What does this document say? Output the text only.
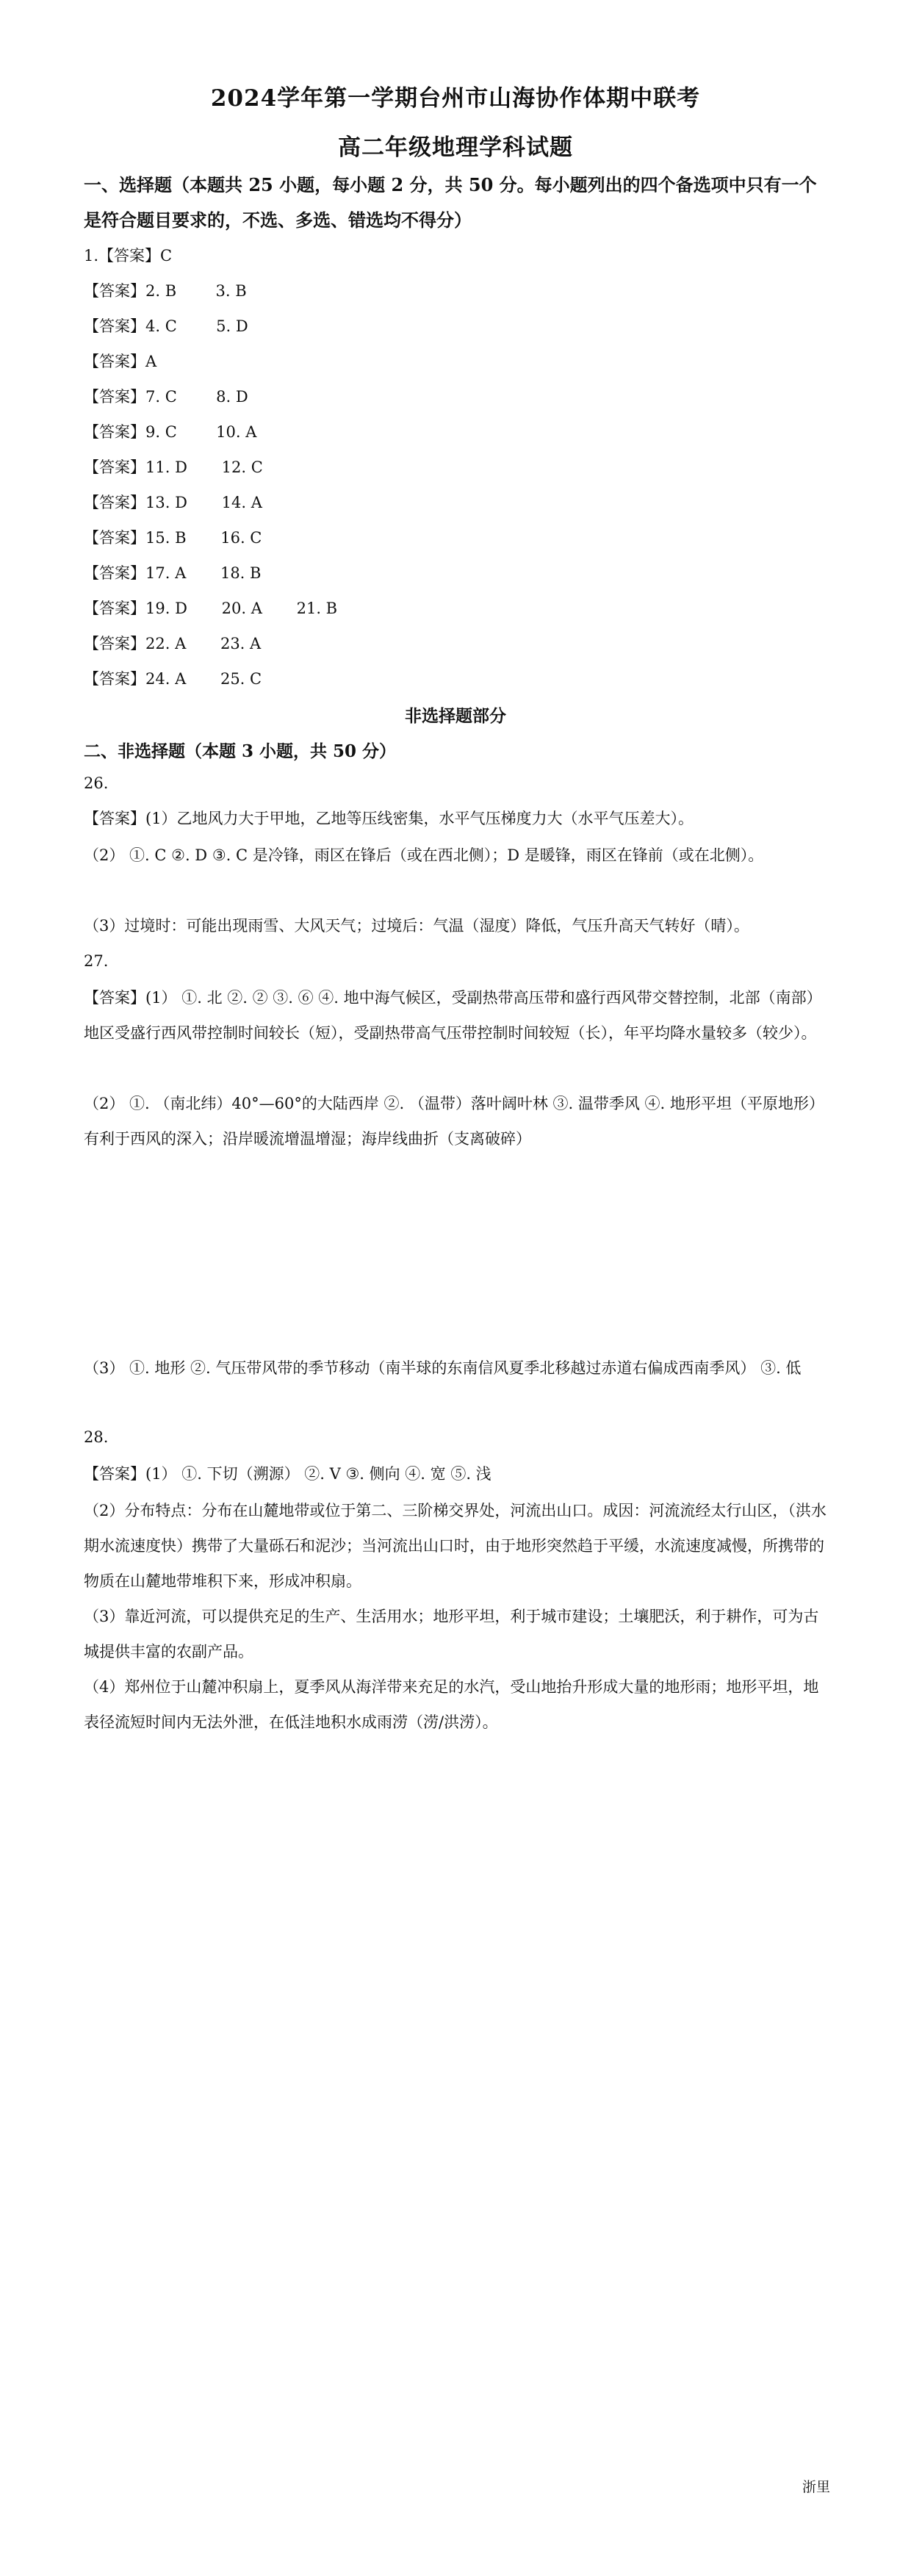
2024学年第一学期台州市山海协作体期中联考
高二年级地理学科试题
一、选择题（本题共 25 小题，每小题 2 分，共 50 分。每小题列出的四个备选项中只有一个是符合题目要求的，不选、多选、错选均不得分）
1.【答案】C
【答案】2. B        3. B
【答案】4. C        5. D
【答案】A
【答案】7. C        8. D
【答案】9. C        10. A
【答案】11. D       12. C
【答案】13. D       14. A
【答案】15. B       16. C
【答案】17. A       18. B
【答案】19. D       20. A       21. B
【答案】22. A       23. A
【答案】24. A       25. C
非选择题部分
二、非选择题（本题 3 小题，共 50 分）
26.
【答案】(1）乙地风力大于甲地，乙地等压线密集，水平气压梯度力大（水平气压差大）。
（2） ①. C ②. D ③. C 是冷锋，雨区在锋后（或在西北侧）；D 是暖锋，雨区在锋前（或在北侧）。
（3）过境时：可能出现雨雪、大风天气；过境后：气温（湿度）降低，气压升高天气转好（晴）。
27.
【答案】(1） ①. 北 ②. ② ③. ⑥ ④. 地中海气候区，受副热带高压带和盛行西风带交替控制，北部（南部）地区受盛行西风带控制时间较长（短），受副热带高气压带控制时间较短（长），年平均降水量较多（较少）。
（2） ①. （南北纬）40°—60°的大陆西岸 ②. （温带）落叶阔叶林 ③. 温带季风 ④. 地形平坦（平原地形）有利于西风的深入；沿岸暖流增温增湿；海岸线曲折（支离破碎）
（3） ①. 地形 ②. 气压带风带的季节移动（南半球的东南信风夏季北移越过赤道右偏成西南季风） ③. 低
28.
【答案】(1） ①. 下切（溯源） ②. V ③. 侧向 ④. 宽 ⑤. 浅
（2）分布特点：分布在山麓地带或位于第二、三阶梯交界处，河流出山口。成因：河流流经太行山区，（洪水期水流速度快）携带了大量砾石和泥沙；当河流出山口时，由于地形突然趋于平缓，水流速度减慢，所携带的物质在山麓地带堆积下来，形成冲积扇。
（3）靠近河流，可以提供充足的生产、生活用水；地形平坦，利于城市建设；土壤肥沃，利于耕作，可为古城提供丰富的农副产品。
（4）郑州位于山麓冲积扇上，夏季风从海洋带来充足的水汽，受山地抬升形成大量的地形雨；地形平坦，地表径流短时间内无法外泄，在低洼地积水成雨涝（涝/洪涝）。
浙里
